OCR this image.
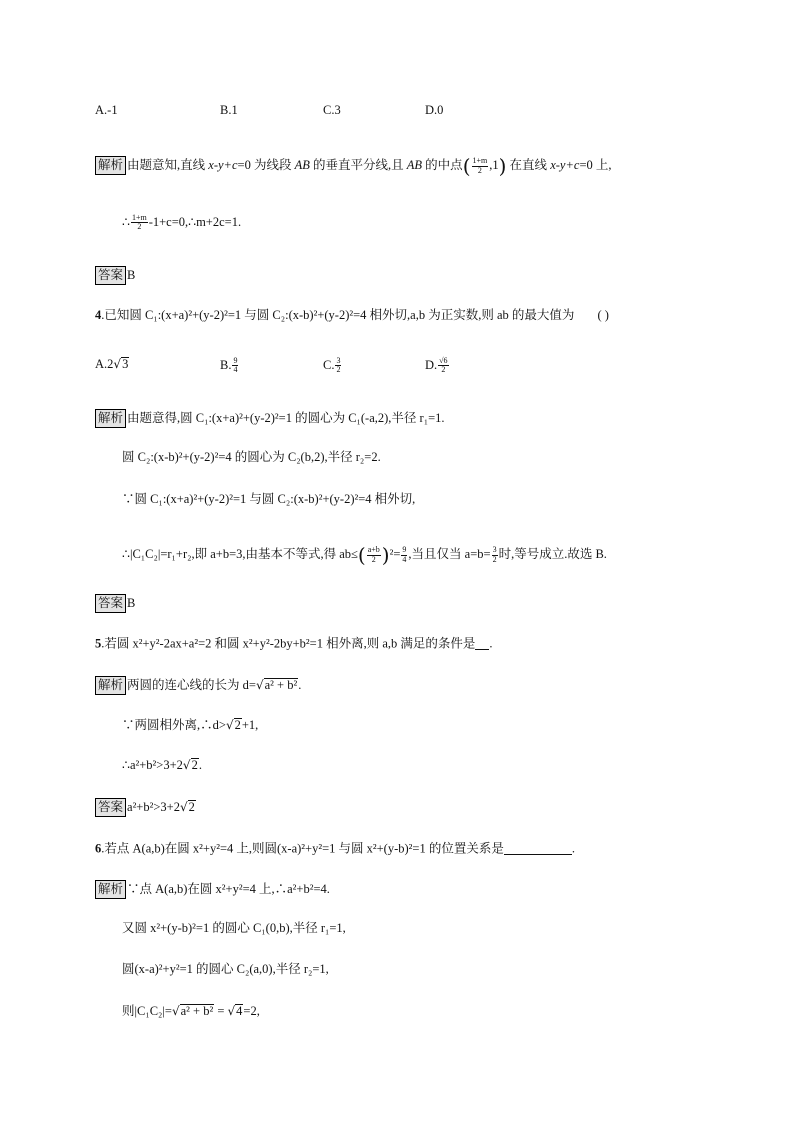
A.-1	B.1	C.3	D.0
解析 由题意知,直线 x-y+c=0 为线段 AB 的垂直平分线,且 AB 的中点( $\frac{1+m}{2} ,1$) 在直线 x-y+c=0 上,
∴ $\frac{1+m}{2}$ -1+c=0,∴m+2c=1.
答案 B
4.已知圆 C₁:(x+a)²+(y-2)²=1 与圆 C₂:(x-b)²+(y-2)²=4 相外切,a,b 为正实数,则 ab 的最大值为 ( )
A.2√3	B. $\frac{9}{4}$	C. $\frac{3}{2}$	D. $\frac{√6}{2}$
解析 由题意得,圆 C₁:(x+a)²+(y-2)²=1 的圆心为 C₁(-a,2),半径 r₁=1.
圆 C₂:(x-b)²+(y-2)²=4 的圆心为 C₂(b,2),半径 r₂=2.
∵圆 C₁:(x+a)²+(y-2)²=1 与圆 C₂:(x-b)²+(y-2)²=4 相外切,
∴|C₁C₂|=r₁+r₂,即 a+b=3,由基本不等式,得 $ab\le( \frac{a+b}{2} )^2= \frac{9}{4}$ ,当且仅当 $a=b= \frac{3}{2}$ 时,等号成立.故选 B.
答案 B
5.若圆 x²+y²-2ax+a²=2 和圆 x²+y²-2by+b²=1 相外离,则 a,b 满足的条件是 .
解析 两圆的连心线的长为 d=√a² + b².
∵两圆相外离,∴d>√2+1,
∴a²+b²>3+2√2.
答案 a²+b²>3+2√2
6.若点 A(a,b)在圆 x²+y²=4 上,则圆(x-a)²+y²=1 与圆 x²+(y-b)²=1 的位置关系是	.
解析 ∵点 A(a,b)在圆 x²+y²=4 上,∴a²+b²=4.
又圆 x²+(y-b)²=1 的圆心 C₁(0,b),半径 r₁=1,
圆(x-a)²+y²=1 的圆心 C₂(a,0),半径 r₂=1,
则|C₁C₂|=√a² + b² = √4=2,
